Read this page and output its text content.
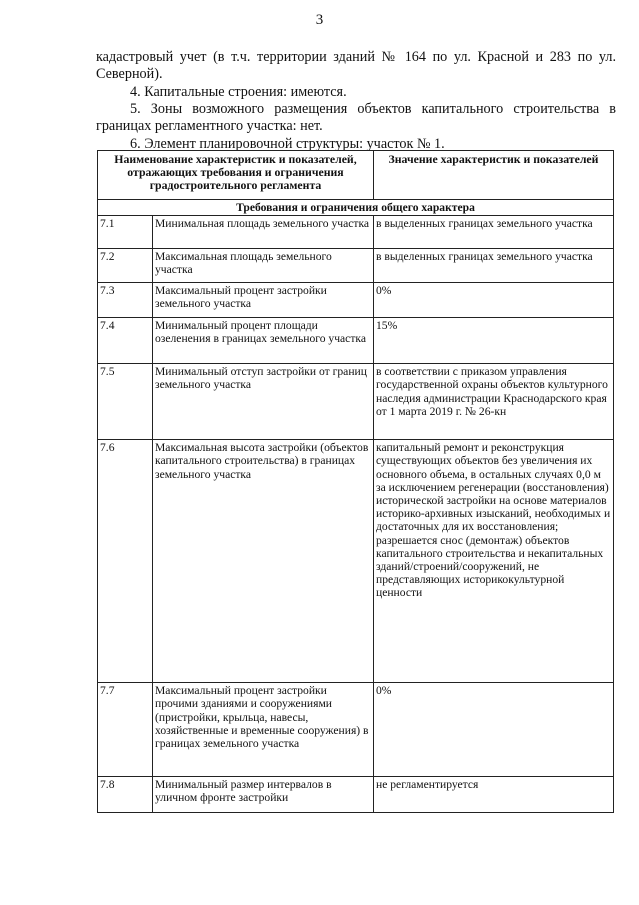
3

кадастровый учет (в т.ч. территории зданий № 164 по ул. Красной и 283 по ул. Северной).

4. Капитальные строения: имеются.

5. Зоны возможного размещения объектов капитального строительства в границах регламентного участка: нет.

6. Элемент планировочной структуры: участок № 1.

Наименование характеристик и показателей, отражающих требования и ограничения градостроительного регламента		Значение характеристик и показателей
Требования и ограничения общего характера		
7.1	Минимальная площадь земельного участка	в выделенных границах земельного участка
7.2	Максимальная площадь земельного участка	в выделенных границах земельного участка
7.3	Максимальный процент застройки земельного участка	0%
7.4	Минимальный процент площади озеленения в границах земельного участка	15%
7.5	Минимальный отступ застройки от границ земельного участка	в соответствии с приказом управления государственной охраны объектов культурного наследия администрации Краснодарского края от 1 марта 2019 г. № 26-кн
7.6	Максимальная высота застройки (объектов капитального строительства) в границах земельного участка	капитальный ремонт и реконструкция существующих объектов без увеличения их основного объема, в остальных случаях 0,0 м за исключением регенерации (восстановления) исторической застройки на основе материалов историко-архивных изысканий, необходимых и достаточных для их восстановления;
разрешается снос (демонтаж) объектов капитального строительства и некапитальных зданий/строений/сооружений, не представляющих историкокультурной ценности
7.7	Максимальный процент застройки прочими зданиями и сооружениями (пристройки, крыльца, навесы, хозяйственные и временные сооружения) в границах земельного участка	0%
7.8	Минимальный размер интервалов в уличном фронте застройки	не регламентируется
